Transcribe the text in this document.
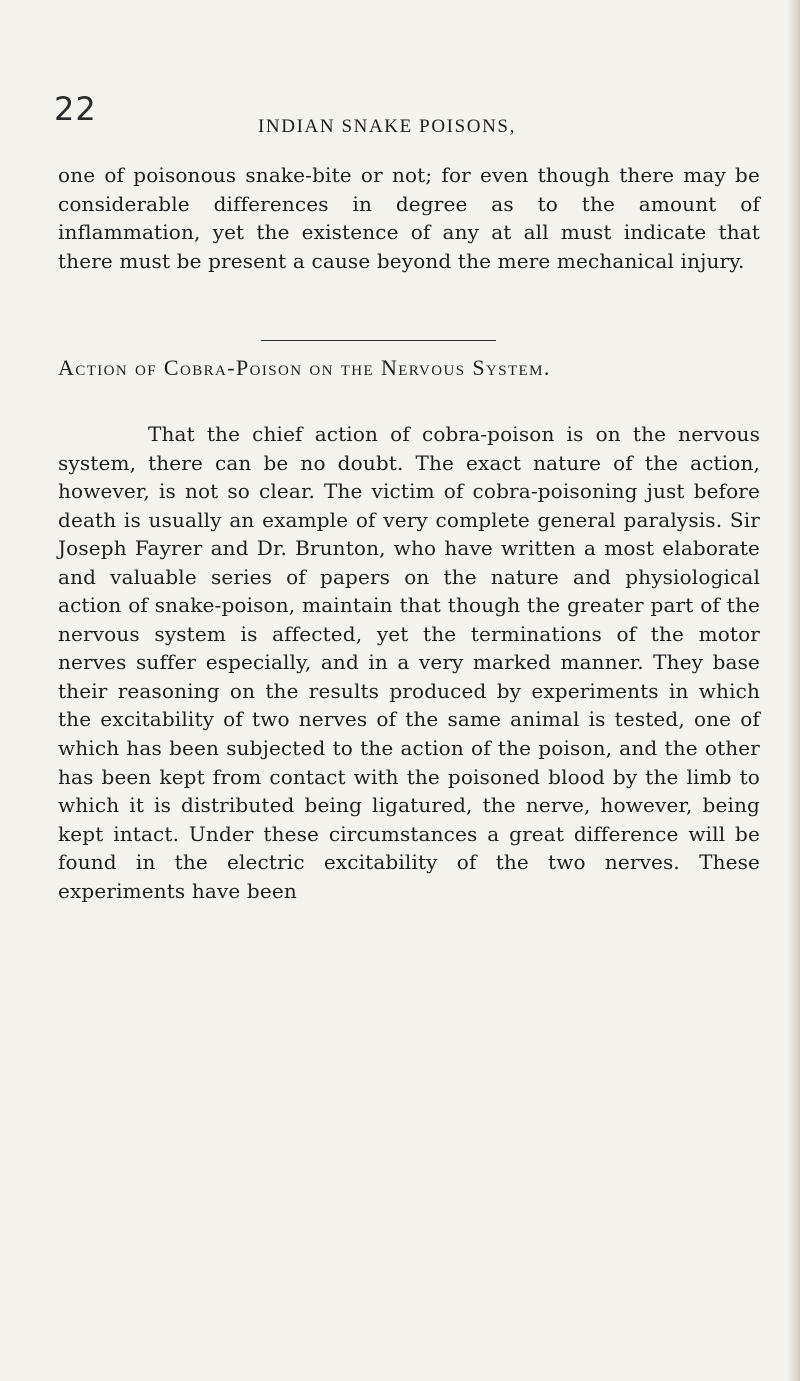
22	INDIAN SNAKE POISONS,

one of poisonous snake-bite or not; for even though there may be considerable differences in degree as to the amount of inflammation, yet the existence of any at all must indicate that there must be present a cause beyond the mere mechanical injury.

Action of Cobra-Poison on the Nervous System.

That the chief action of cobra-poison is on the nervous system, there can be no doubt. The exact nature of the action, however, is not so clear. The victim of cobra-poisoning just before death is usually an example of very complete general paralysis. Sir Joseph Fayrer and Dr. Brunton, who have written a most elaborate and valuable series of papers on the nature and physiological action of snake-poison, maintain that though the greater part of the nervous system is affected, yet the terminations of the motor nerves suffer especially, and in a very marked manner. They base their reasoning on the results produced by experiments in which the excitability of two nerves of the same animal is tested, one of which has been subjected to the action of the poison, and the other has been kept from contact with the poisoned blood by the limb to which it is distributed being ligatured, the nerve, however, being kept intact. Under these circumstances a great difference will be found in the electric excitability of the two nerves. These experiments have been
